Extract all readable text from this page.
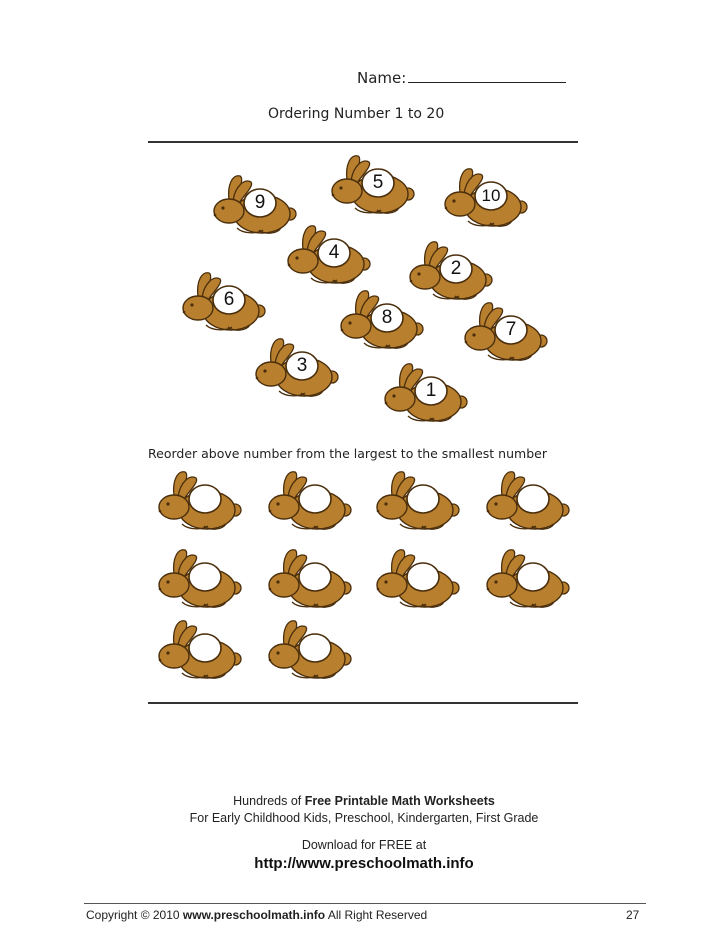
Name:
Ordering Number 1 to 20
9
5
10
4
2
6
8
7
3
1
Reorder above number from the largest to the smallest number
Hundreds of Free Printable Math Worksheets
For Early Childhood Kids, Preschool, Kindergarten, First Grade
Download for FREE at
http://www.preschoolmath.info
Copyright © 2010 www.preschoolmath.info All Right Reserved	27
